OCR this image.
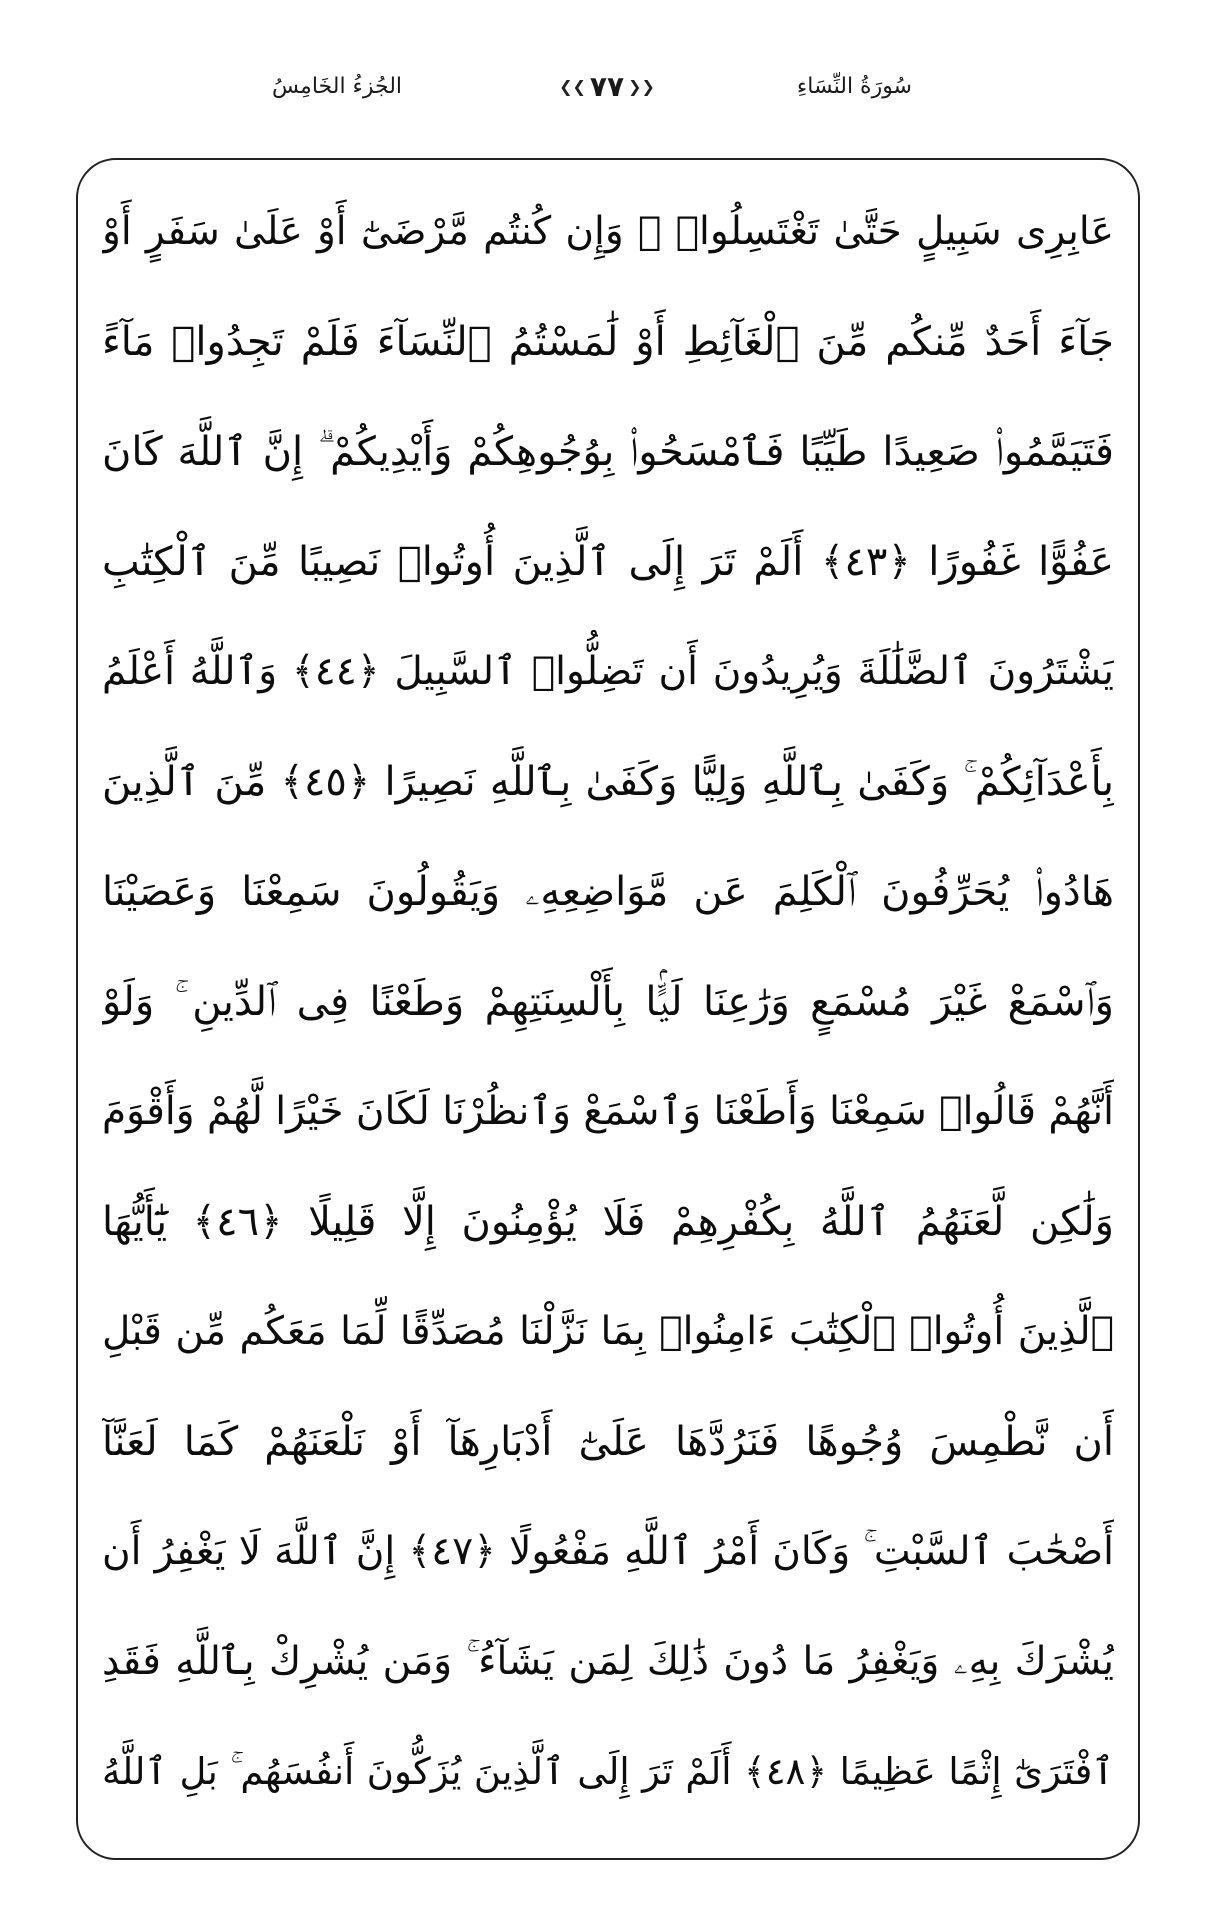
سُورَةُ النِّسَاءِ
❮❮ ٧٧ ❯❯
الجُزءُ الخَامِسُ
عَابِرِى سَبِيلٍ حَتَّىٰ تَغْتَسِلُوا۟ ۚ وَإِن كُنتُم مَّرْضَىٰٓ أَوْ عَلَىٰ سَفَرٍ أَوْ
جَآءَ أَحَدٌ مِّنكُم مِّنَ ٱلْغَآئِطِ أَوْ لَٰمَسْتُمُ ٱلنِّسَآءَ فَلَمْ تَجِدُوا۟ مَآءً
فَتَيَمَّمُوا۟ صَعِيدًا طَيِّبًا فَٱمْسَحُوا۟ بِوُجُوهِكُمْ وَأَيْدِيكُمْ ۗ إِنَّ ٱللَّهَ كَانَ
عَفُوًّا غَفُورًا ﴿٤٣﴾ أَلَمْ تَرَ إِلَى ٱلَّذِينَ أُوتُوا۟ نَصِيبًا مِّنَ ٱلْكِتَٰبِ
يَشْتَرُونَ ٱلضَّلَٰلَةَ وَيُرِيدُونَ أَن تَضِلُّوا۟ ٱلسَّبِيلَ ﴿٤٤﴾ وَٱللَّهُ أَعْلَمُ
بِأَعْدَآئِكُمْ ۚ وَكَفَىٰ بِٱللَّهِ وَلِيًّا وَكَفَىٰ بِٱللَّهِ نَصِيرًا ﴿٤٥﴾ مِّنَ ٱلَّذِينَ
هَادُوا۟ يُحَرِّفُونَ ٱلْكَلِمَ عَن مَّوَاضِعِهِۦ وَيَقُولُونَ سَمِعْنَا وَعَصَيْنَا
وَٱسْمَعْ غَيْرَ مُسْمَعٍ وَرَٰعِنَا لَيًّۢا بِأَلْسِنَتِهِمْ وَطَعْنًا فِى ٱلدِّينِ ۚ وَلَوْ
أَنَّهُمْ قَالُوا۟ سَمِعْنَا وَأَطَعْنَا وَٱسْمَعْ وَٱنظُرْنَا لَكَانَ خَيْرًا لَّهُمْ وَأَقْوَمَ
وَلَٰكِن لَّعَنَهُمُ ٱللَّهُ بِكُفْرِهِمْ فَلَا يُؤْمِنُونَ إِلَّا قَلِيلًا ﴿٤٦﴾ يَٰٓأَيُّهَا
ٱلَّذِينَ أُوتُوا۟ ٱلْكِتَٰبَ ءَامِنُوا۟ بِمَا نَزَّلْنَا مُصَدِّقًا لِّمَا مَعَكُم مِّن قَبْلِ
أَن نَّطْمِسَ وُجُوهًا فَنَرُدَّهَا عَلَىٰٓ أَدْبَارِهَآ أَوْ نَلْعَنَهُمْ كَمَا لَعَنَّآ
أَصْحَٰبَ ٱلسَّبْتِ ۚ وَكَانَ أَمْرُ ٱللَّهِ مَفْعُولًا ﴿٤٧﴾ إِنَّ ٱللَّهَ لَا يَغْفِرُ أَن
يُشْرَكَ بِهِۦ وَيَغْفِرُ مَا دُونَ ذَٰلِكَ لِمَن يَشَآءُ ۚ وَمَن يُشْرِكْ بِٱللَّهِ فَقَدِ
ٱفْتَرَىٰٓ إِثْمًا عَظِيمًا ﴿٤٨﴾ أَلَمْ تَرَ إِلَى ٱلَّذِينَ يُزَكُّونَ أَنفُسَهُم ۚ بَلِ ٱللَّهُ
